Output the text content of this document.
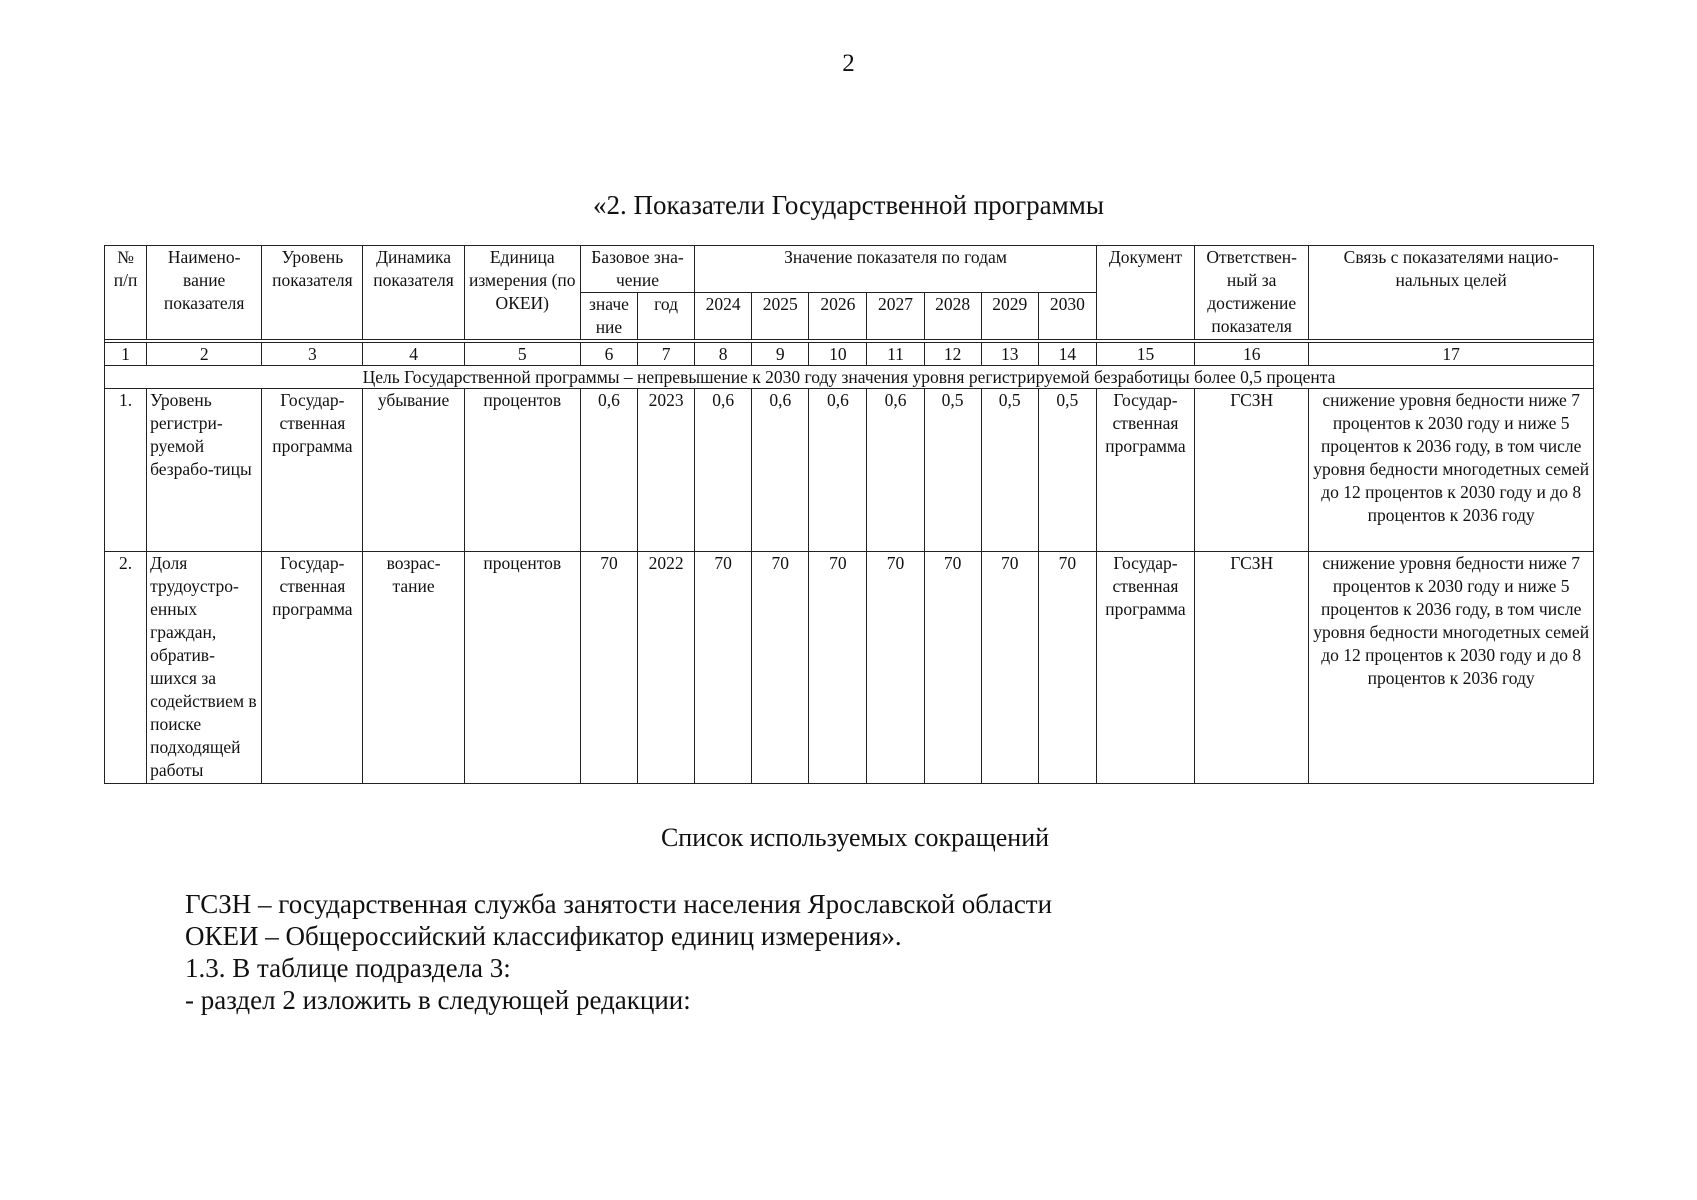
2
«2. Показатели Государственной программы
№ п/п	Наимено-вание показателя	Уровень показателя	Динамика показателя	Единица измерения (по ОКЕИ)	Базовое зна-чение		Значение показателя по годам							Документ	Ответствен-ный за достижение показателя	Связь с показателями нацио-нальных целей
					значе ние	год	2024	2025	2026	2027	2028	2029	2030			

1	2	3	4	5	6	7	8	9	10	11	12	13	14	15	16	17
Цель Государственной программы – непревышение к 2030 году значения уровня регистрируемой безработицы более 0,5 процента																
1.	Уровень регистри-руемой безрабо-тицы	Государ-ственная программа	убывание	процентов	0,6	2023	0,6	0,6	0,6	0,6	0,5	0,5	0,5	Государ-ственная программа	ГСЗН	снижение уровня бедности ниже 7 процентов к 2030 году и ниже 5 процентов к 2036 году, в том числе уровня бедности многодетных семей до 12 процентов к 2030 году и до 8 процентов к 2036 году
2.	Доля трудоустро-енных граждан, обратив-шихся за содействием в поиске подходящей работы	Государ-ственная программа	возрас-тание	процентов	70	2022	70	70	70	70	70	70	70	Государ-ственная программа	ГСЗН	снижение уровня бедности ниже 7 процентов к 2030 году и ниже 5 процентов к 2036 году, в том числе уровня бедности многодетных семей до 12 процентов к 2030 году и до 8 процентов к 2036 году
Список используемых сокращений
ГСЗН – государственная служба занятости населения Ярославской области
ОКЕИ – Общероссийский классификатор единиц измерения».
1.3. В таблице подраздела 3:
- раздел 2 изложить в следующей редакции:
